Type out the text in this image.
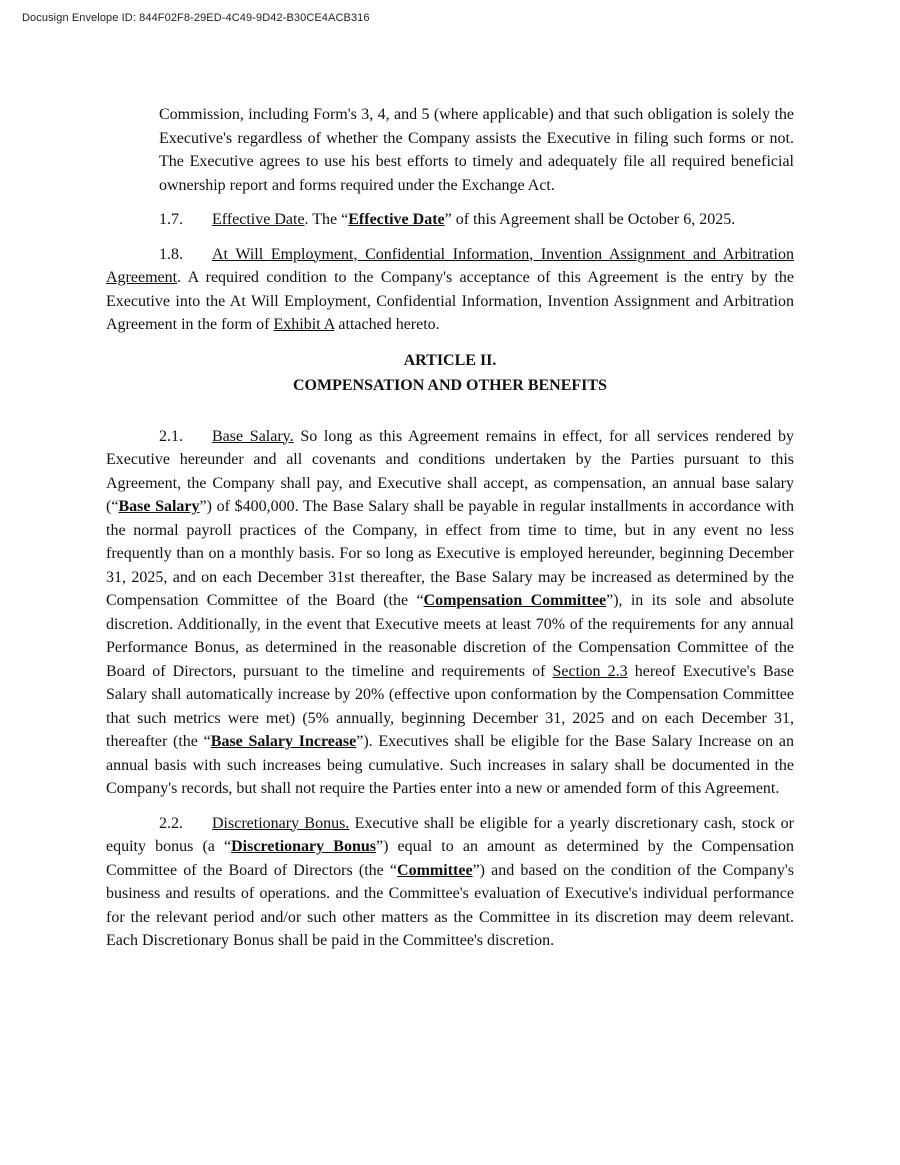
Docusign Envelope ID: 844F02F8-29ED-4C49-9D42-B30CE4ACB316

Commission, including Form's 3, 4, and 5 (where applicable) and that such obligation is solely the Executive's regardless of whether the Company assists the Executive in filing such forms or not. The Executive agrees to use his best efforts to timely and adequately file all required beneficial ownership report and forms required under the Exchange Act.

1.7. Effective Date. The “Effective Date” of this Agreement shall be October 6, 2025.

1.8. At Will Employment, Confidential Information, Invention Assignment and Arbitration Agreement. A required condition to the Company's acceptance of this Agreement is the entry by the Executive into the At Will Employment, Confidential Information, Invention Assignment and Arbitration Agreement in the form of Exhibit A attached hereto.

ARTICLE II.
COMPENSATION AND OTHER BENEFITS

2.1. Base Salary. So long as this Agreement remains in effect, for all services rendered by Executive hereunder and all covenants and conditions undertaken by the Parties pursuant to this Agreement, the Company shall pay, and Executive shall accept, as compensation, an annual base salary (“Base Salary”) of $400,000. The Base Salary shall be payable in regular installments in accordance with the normal payroll practices of the Company, in effect from time to time, but in any event no less frequently than on a monthly basis. For so long as Executive is employed hereunder, beginning December 31, 2025, and on each December 31st thereafter, the Base Salary may be increased as determined by the Compensation Committee of the Board (the “Compensation Committee”), in its sole and absolute discretion. Additionally, in the event that Executive meets at least 70% of the requirements for any annual Performance Bonus, as determined in the reasonable discretion of the Compensation Committee of the Board of Directors, pursuant to the timeline and requirements of Section 2.3 hereof Executive's Base Salary shall automatically increase by 20% (effective upon conformation by the Compensation Committee that such metrics were met) (5% annually, beginning December 31, 2025 and on each December 31, thereafter (the “Base Salary Increase”). Executives shall be eligible for the Base Salary Increase on an annual basis with such increases being cumulative. Such increases in salary shall be documented in the Company's records, but shall not require the Parties enter into a new or amended form of this Agreement.

2.2. Discretionary Bonus. Executive shall be eligible for a yearly discretionary cash, stock or equity bonus (a “Discretionary Bonus”) equal to an amount as determined by the Compensation Committee of the Board of Directors (the “Committee”) and based on the condition of the Company's business and results of operations. and the Committee's evaluation of Executive's individual performance for the relevant period and/or such other matters as the Committee in its discretion may deem relevant. Each Discretionary Bonus shall be paid in the Committee's discretion.
